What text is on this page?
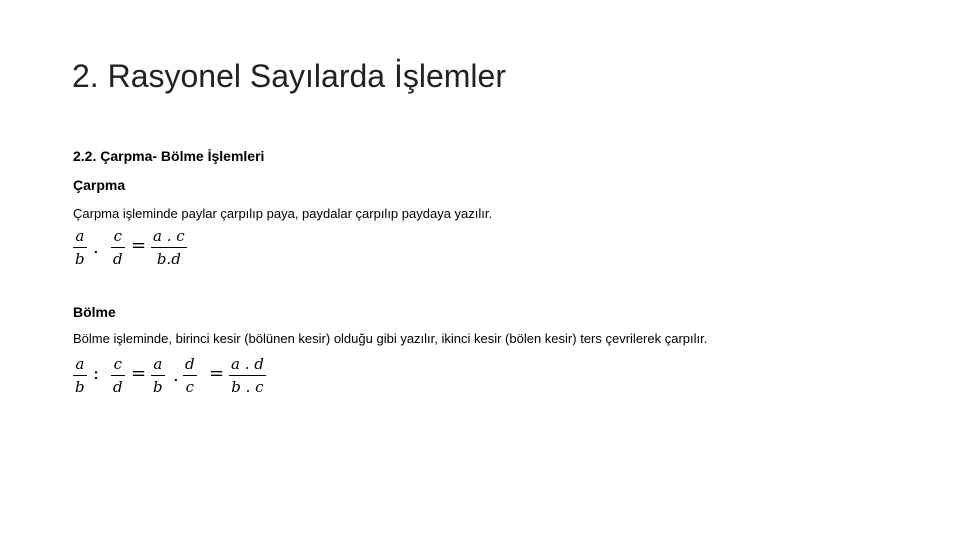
2. Rasyonel Sayılarda İşlemler

2.2. Çarpma- Bölme İşlemleri

Çarpma

Çarpma işleminde paylar çarpılıp paya, paydalar çarpılıp paydaya yazılır.

a
b
.
c
d
= a . c
b.d

Bölme

Bölme işleminde, birinci kesir (bölünen kesir) olduğu gibi yazılır, ikinci kesir (bölen kesir) ters çevrilerek çarpılır.

a
b
: c
d
= a
b
.
d
c
= a . d
b . c
